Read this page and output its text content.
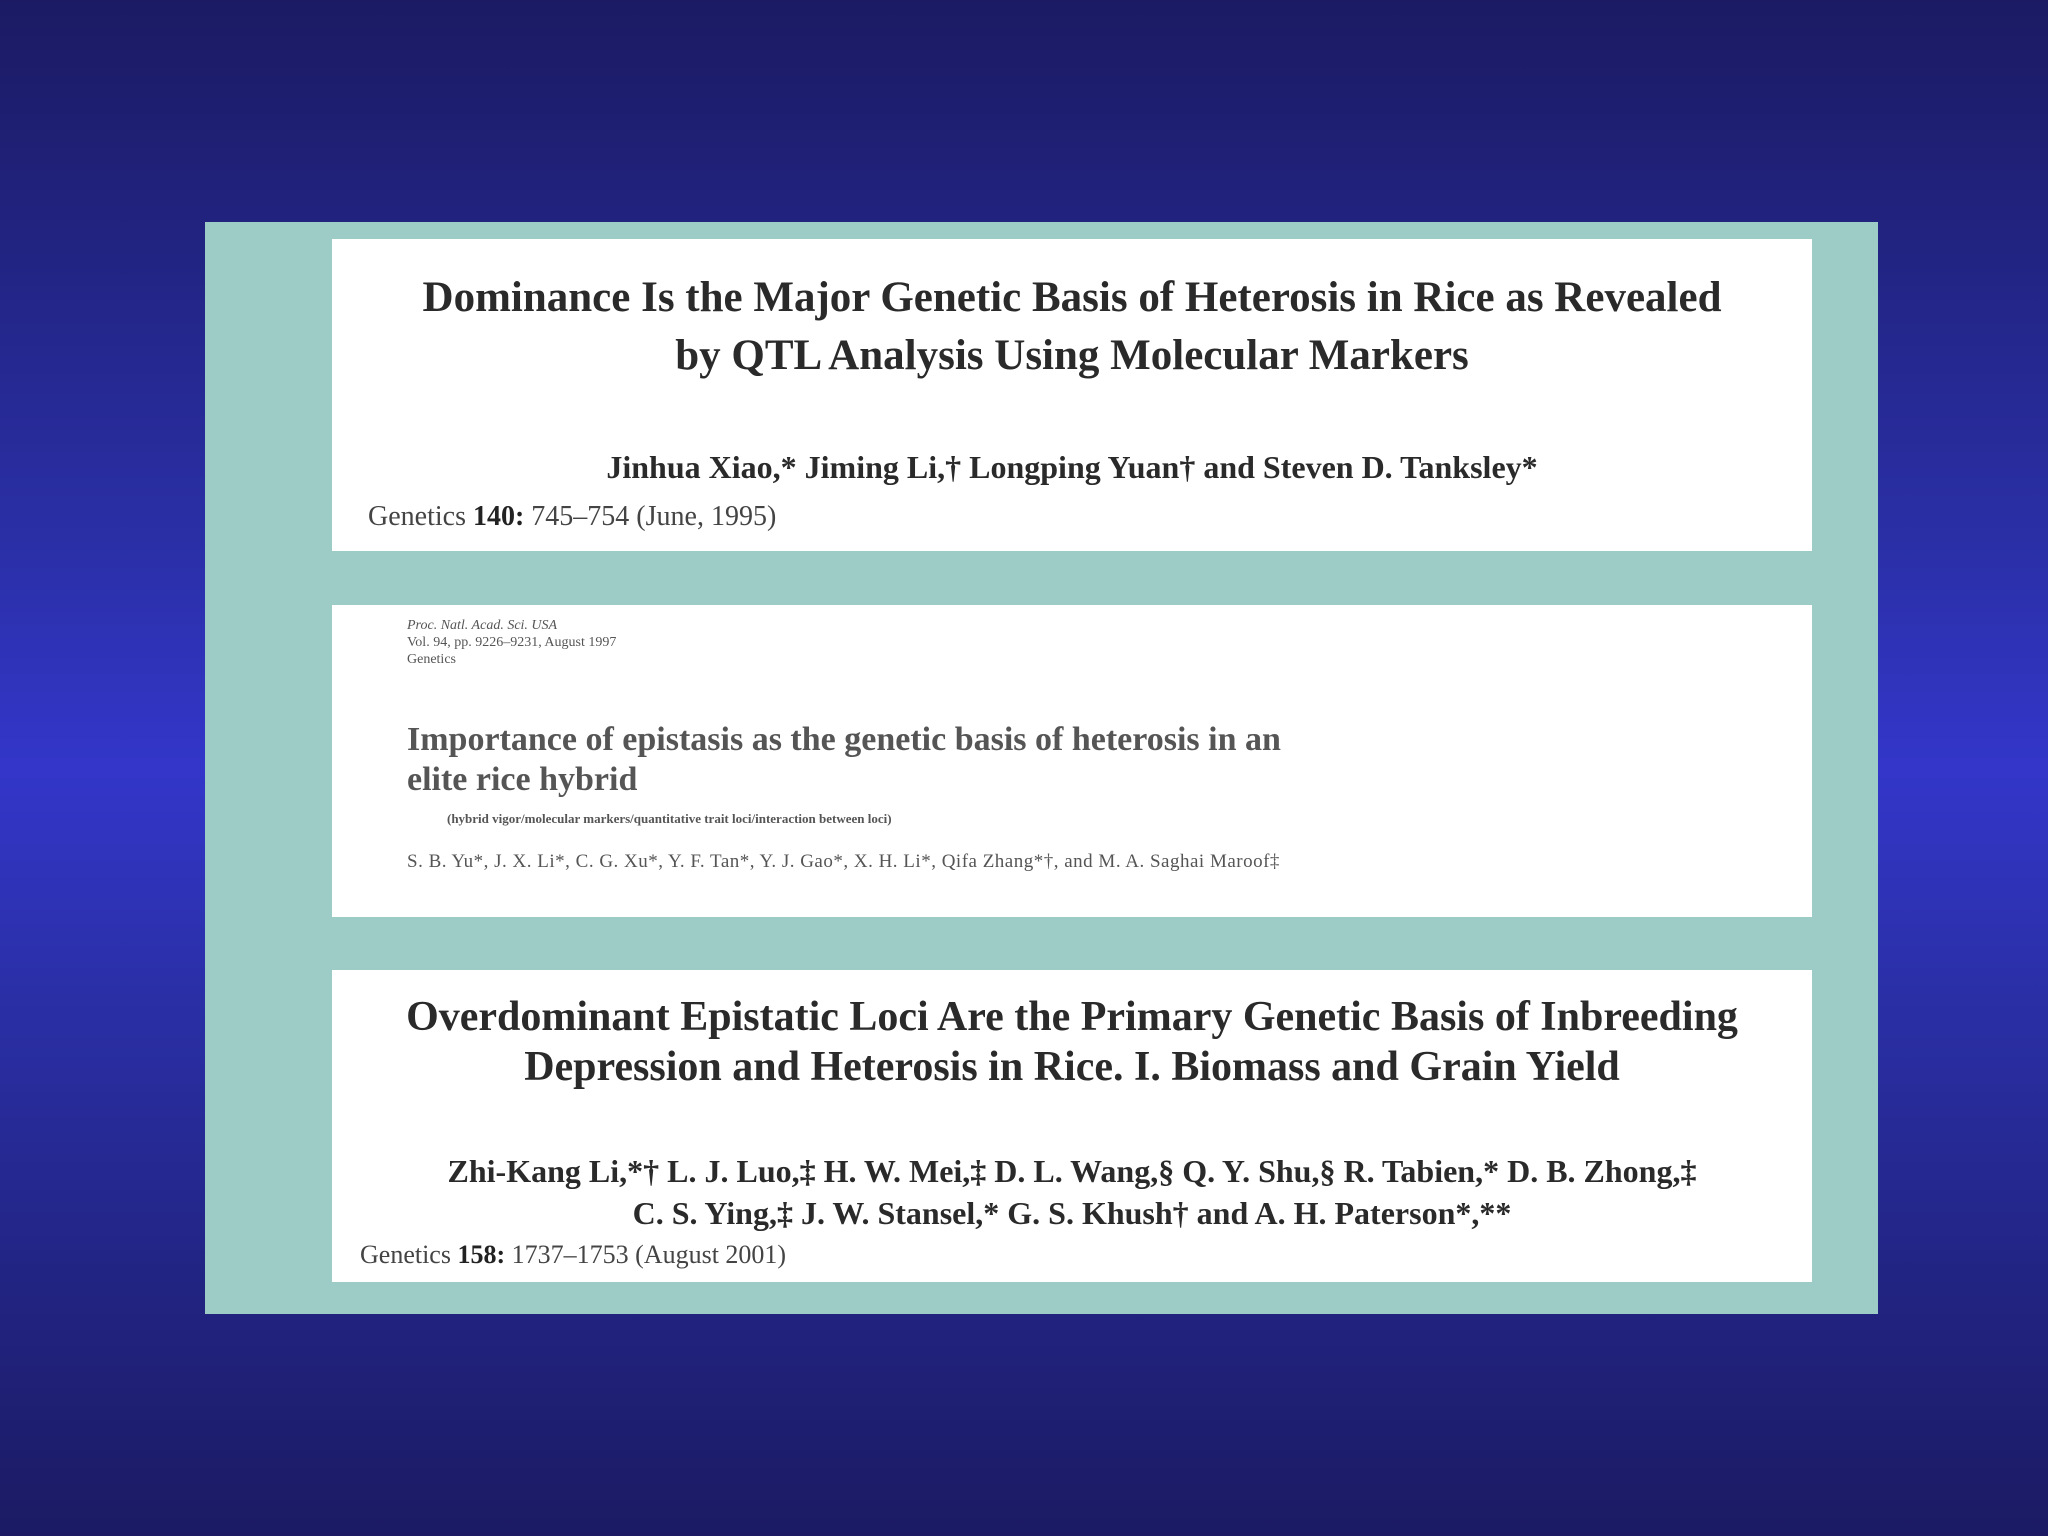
Dominance Is the Major Genetic Basis of Heterosis in Rice as Revealed
by QTL Analysis Using Molecular Markers
Jinhua Xiao,* Jiming Li,† Longping Yuan† and Steven D. Tanksley*
Genetics 140: 745–754 (June, 1995)
Proc. Natl. Acad. Sci. USA
Vol. 94, pp. 9226–9231, August 1997
Genetics
Importance of epistasis as the genetic basis of heterosis in an
elite rice hybrid
(hybrid vigor/molecular markers/quantitative trait loci/interaction between loci)
S. B. Yu*, J. X. Li*, C. G. Xu*, Y. F. Tan*, Y. J. Gao*, X. H. Li*, Qifa Zhang*†, and M. A. Saghai Maroof‡
Overdominant Epistatic Loci Are the Primary Genetic Basis of Inbreeding
Depression and Heterosis in Rice. I. Biomass and Grain Yield
Zhi-Kang Li,*† L. J. Luo,‡ H. W. Mei,‡ D. L. Wang,§ Q. Y. Shu,§ R. Tabien,* D. B. Zhong,‡
C. S. Ying,‡ J. W. Stansel,* G. S. Khush† and A. H. Paterson*,**
Genetics 158: 1737–1753 (August 2001)
